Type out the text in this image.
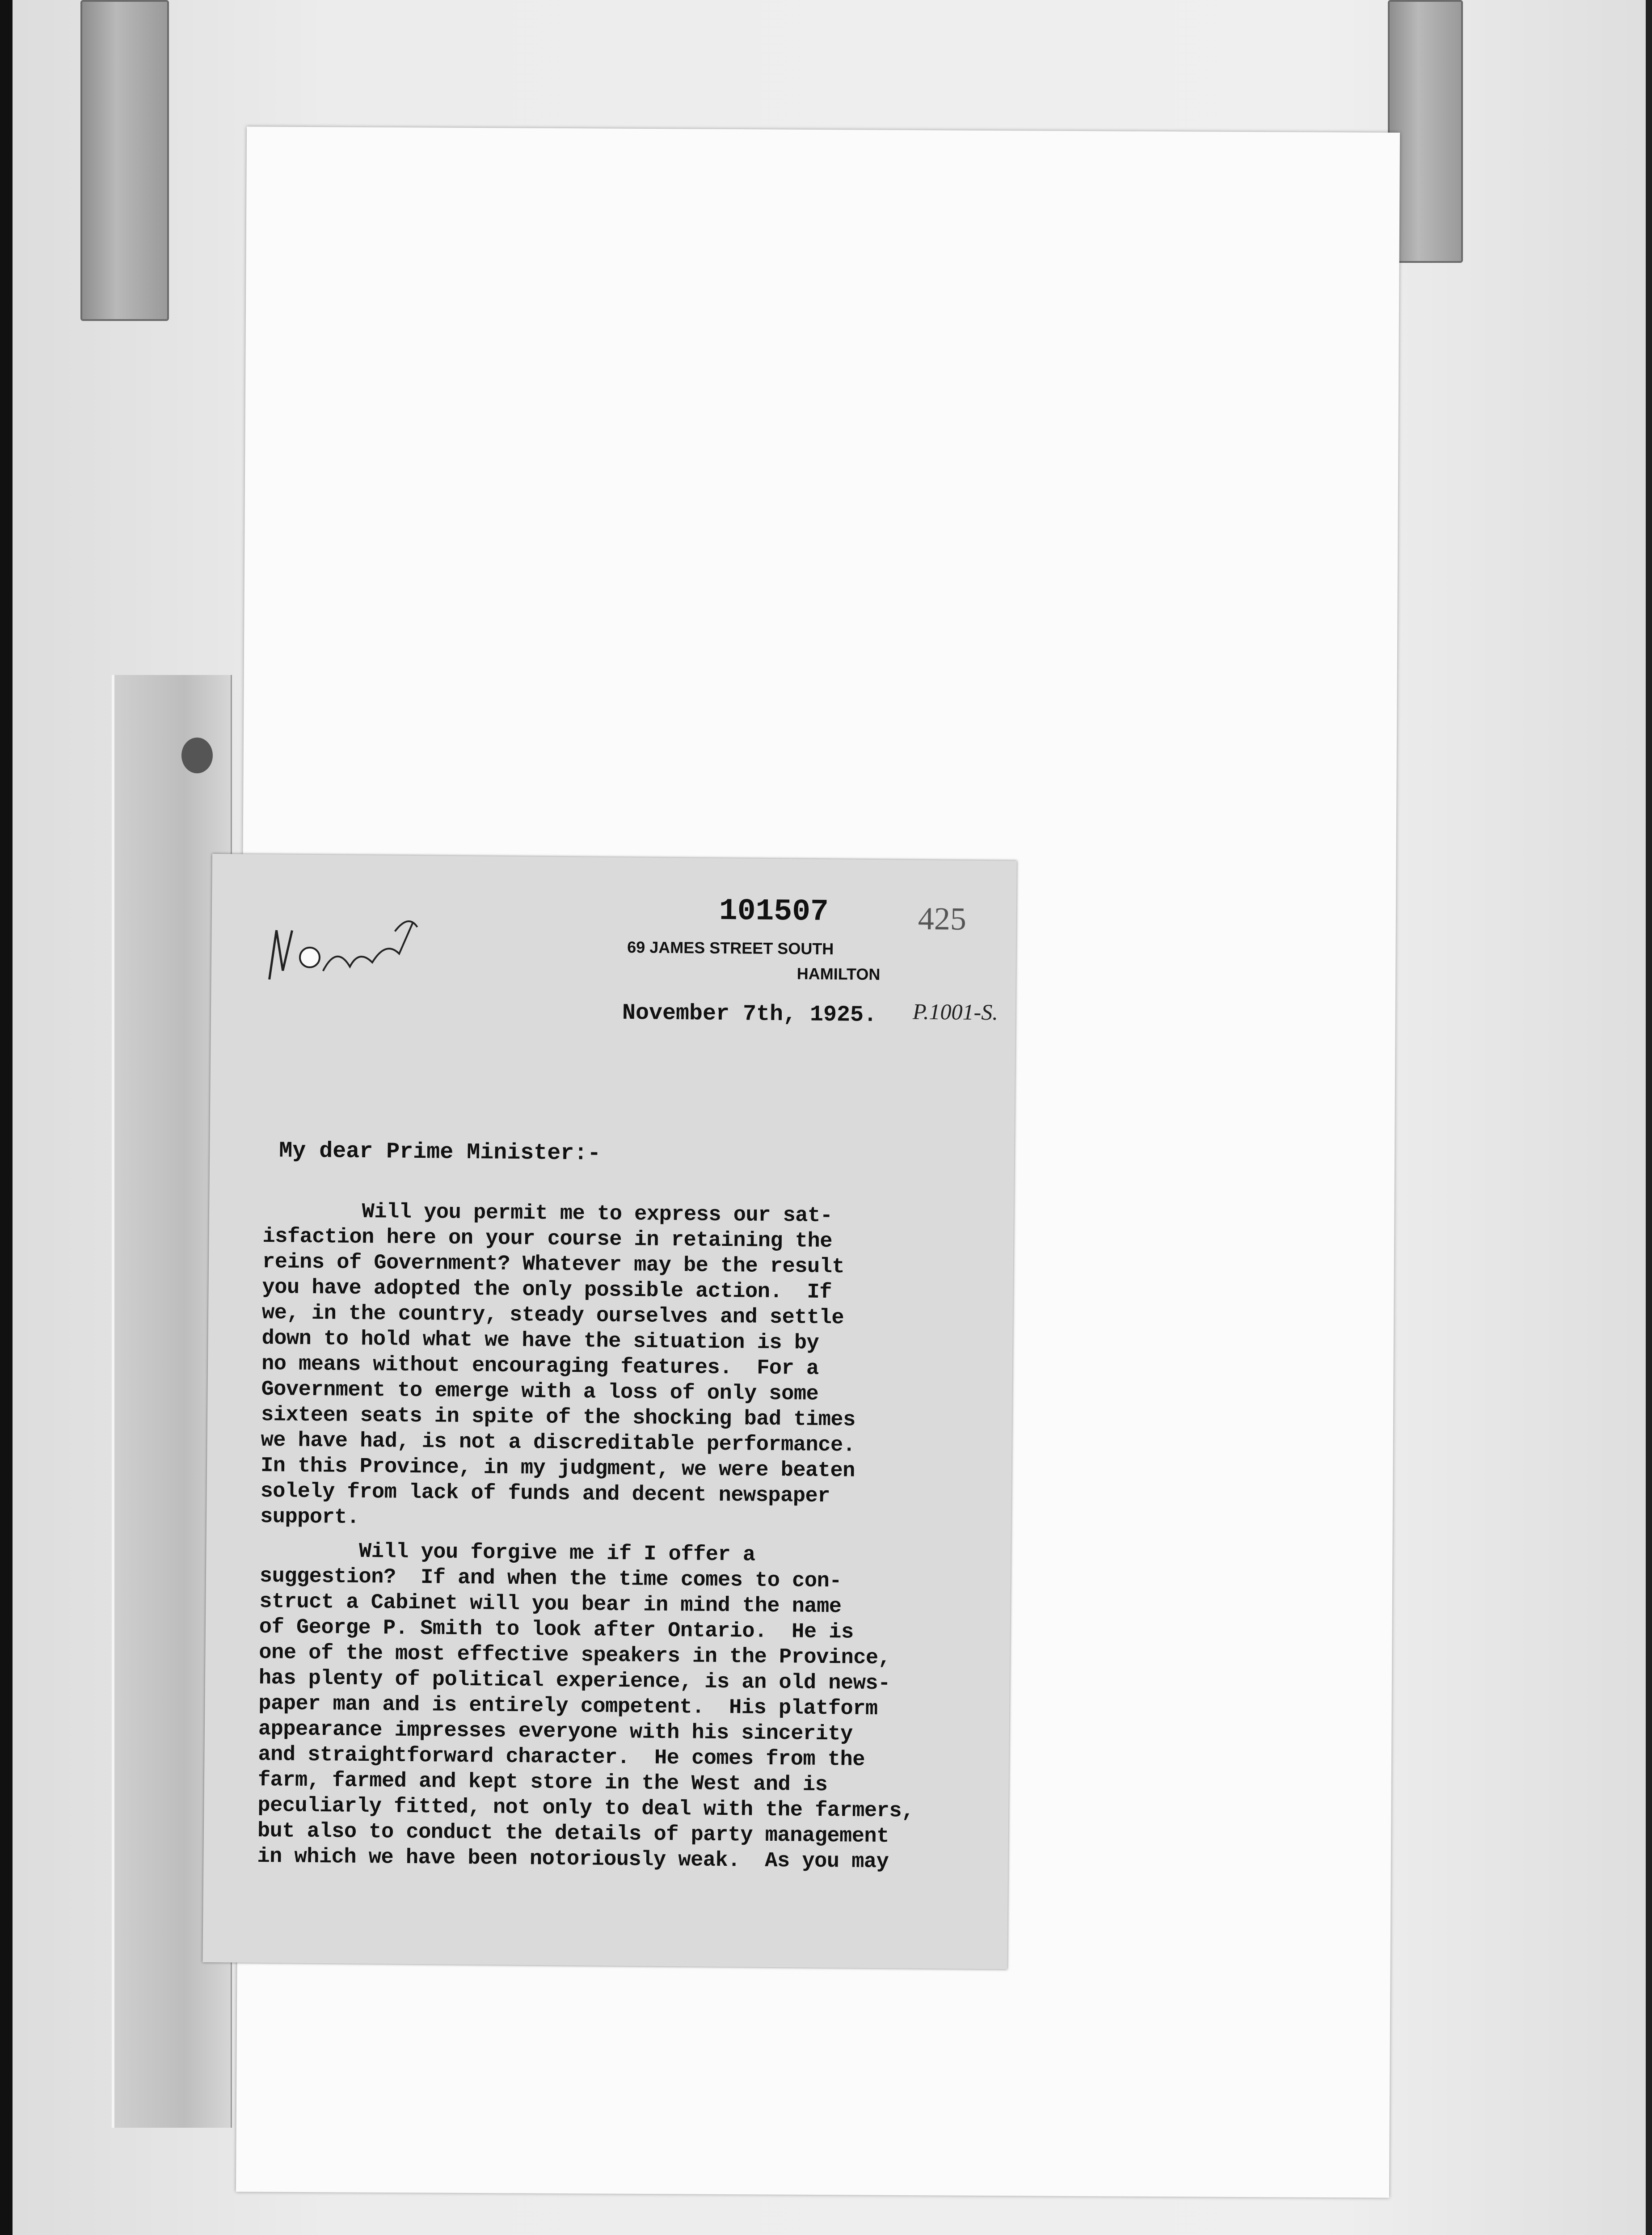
101507	425
69 JAMES STREET SOUTH
HAMILTON
November 7th, 1925. P.1001-S.
My dear Prime Minister:-
Will you permit me to express our sat-
isfaction here on your course in retaining the
reins of Government? Whatever may be the result
you have adopted the only possible action.  If
we, in the country, steady ourselves and settle
down to hold what we have the situation is by
no means without encouraging features.  For a
Government to emerge with a loss of only some
sixteen seats in spite of the shocking bad times
we have had, is not a discreditable performance.
In this Province, in my judgment, we were beaten
solely from lack of funds and decent newspaper
support.
Will you forgive me if I offer a
suggestion?  If and when the time comes to con-
struct a Cabinet will you bear in mind the name
of George P. Smith to look after Ontario.  He is
one of the most effective speakers in the Province,
has plenty of political experience, is an old news-
paper man and is entirely competent.  His platform
appearance impresses everyone with his sincerity
and straightforward character.  He comes from the
farm, farmed and kept store in the West and is
peculiarly fitted, not only to deal with the farmers,
but also to conduct the details of party management
in which we have been notoriously weak.  As you may
